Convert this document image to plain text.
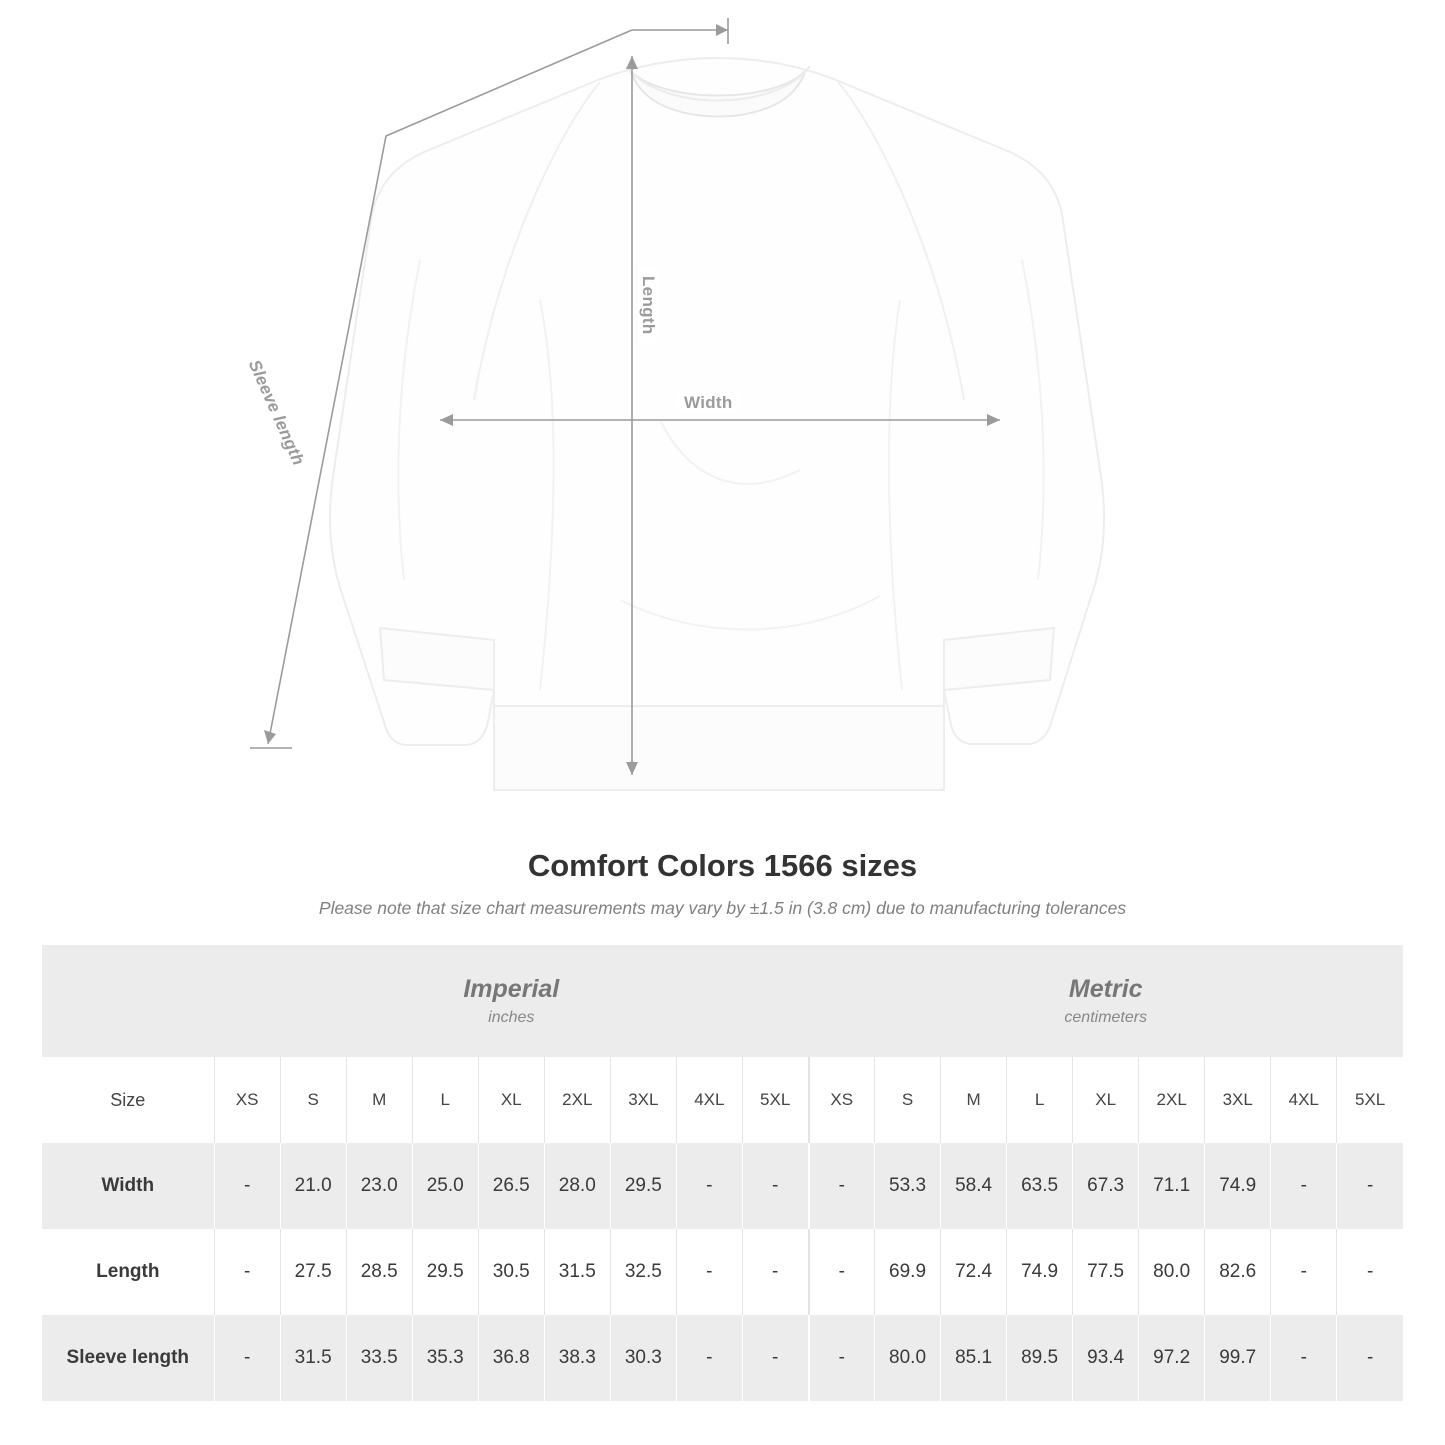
Width
Length
Sleeve length
Comfort Colors 1566 sizes
Please note that size chart measurements may vary by ±1.5 in (3.8 cm) due to manufacturing tolerances

Imperial
inches

Metric
centimeters

Size	XS	S	M	L	XL	2XL	3XL	4XL	5XL	XS	S	M	L	XL	2XL	3XL	4XL	5XL
Width	-	21.0	23.0	25.0	26.5	28.0	29.5	-	-	-	53.3	58.4	63.5	67.3	71.1	74.9	-	-
Length	-	27.5	28.5	29.5	30.5	31.5	32.5	-	-	-	69.9	72.4	74.9	77.5	80.0	82.6	-	-
Sleeve length	-	31.5	33.5	35.3	36.8	38.3	30.3	-	-	-	80.0	85.1	89.5	93.4	97.2	99.7	-	-
